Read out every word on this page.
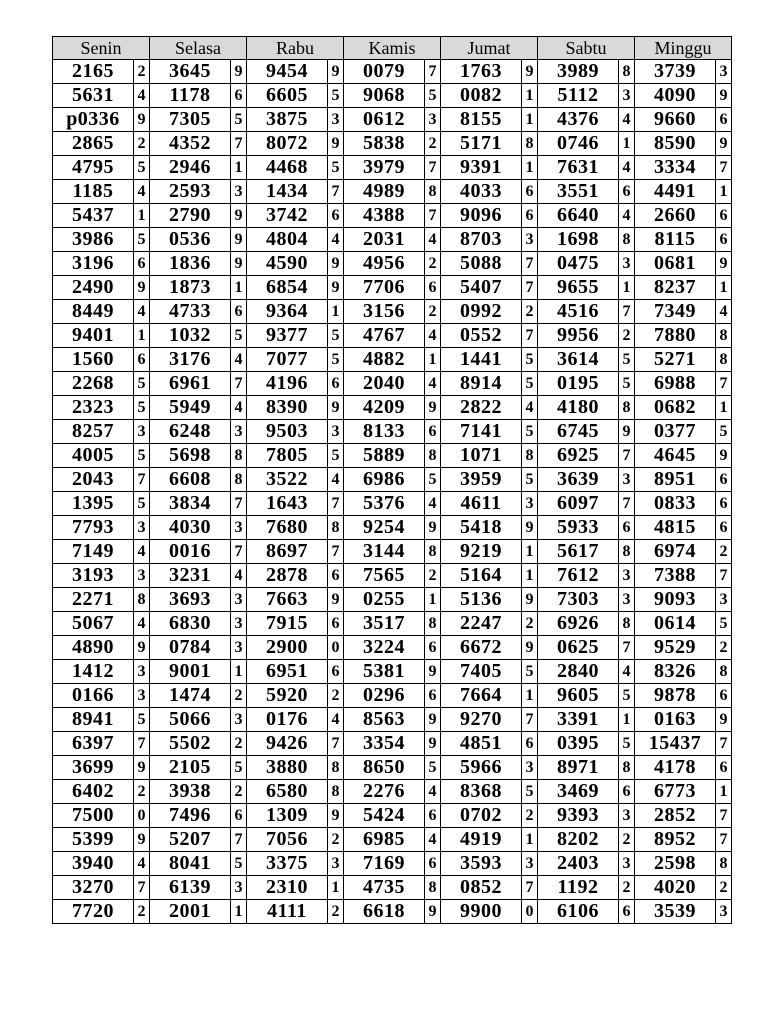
Senin		Selasa		Rabu		Kamis		Jumat		Sabtu		Minggu	
2165	2	3645	9	9454	9	0079	7	1763	9	3989	8	3739	3
5631	4	1178	6	6605	5	9068	5	0082	1	5112	3	4090	9
p0336	9	7305	5	3875	3	0612	3	8155	1	4376	4	9660	6
2865	2	4352	7	8072	9	5838	2	5171	8	0746	1	8590	9
4795	5	2946	1	4468	5	3979	7	9391	1	7631	4	3334	7
1185	4	2593	3	1434	7	4989	8	4033	6	3551	6	4491	1
5437	1	2790	9	3742	6	4388	7	9096	6	6640	4	2660	6
3986	5	0536	9	4804	4	2031	4	8703	3	1698	8	8115	6
3196	6	1836	9	4590	9	4956	2	5088	7	0475	3	0681	9
2490	9	1873	1	6854	9	7706	6	5407	7	9655	1	8237	1
8449	4	4733	6	9364	1	3156	2	0992	2	4516	7	7349	4
9401	1	1032	5	9377	5	4767	4	0552	7	9956	2	7880	8
1560	6	3176	4	7077	5	4882	1	1441	5	3614	5	5271	8
2268	5	6961	7	4196	6	2040	4	8914	5	0195	5	6988	7
2323	5	5949	4	8390	9	4209	9	2822	4	4180	8	0682	1
8257	3	6248	3	9503	3	8133	6	7141	5	6745	9	0377	5
4005	5	5698	8	7805	5	5889	8	1071	8	6925	7	4645	9
2043	7	6608	8	3522	4	6986	5	3959	5	3639	3	8951	6
1395	5	3834	7	1643	7	5376	4	4611	3	6097	7	0833	6
7793	3	4030	3	7680	8	9254	9	5418	9	5933	6	4815	6
7149	4	0016	7	8697	7	3144	8	9219	1	5617	8	6974	2
3193	3	3231	4	2878	6	7565	2	5164	1	7612	3	7388	7
2271	8	3693	3	7663	9	0255	1	5136	9	7303	3	9093	3
5067	4	6830	3	7915	6	3517	8	2247	2	6926	8	0614	5
4890	9	0784	3	2900	0	3224	6	6672	9	0625	7	9529	2
1412	3	9001	1	6951	6	5381	9	7405	5	2840	4	8326	8
0166	3	1474	2	5920	2	0296	6	7664	1	9605	5	9878	6
8941	5	5066	3	0176	4	8563	9	9270	7	3391	1	0163	9
6397	7	5502	2	9426	7	3354	9	4851	6	0395	5	15437	7
3699	9	2105	5	3880	8	8650	5	5966	3	8971	8	4178	6
6402	2	3938	2	6580	8	2276	4	8368	5	3469	6	6773	1
7500	0	7496	6	1309	9	5424	6	0702	2	9393	3	2852	7
5399	9	5207	7	7056	2	6985	4	4919	1	8202	2	8952	7
3940	4	8041	5	3375	3	7169	6	3593	3	2403	3	2598	8
3270	7	6139	3	2310	1	4735	8	0852	7	1192	2	4020	2
7720	2	2001	1	4111	2	6618	9	9900	0	6106	6	3539	3
